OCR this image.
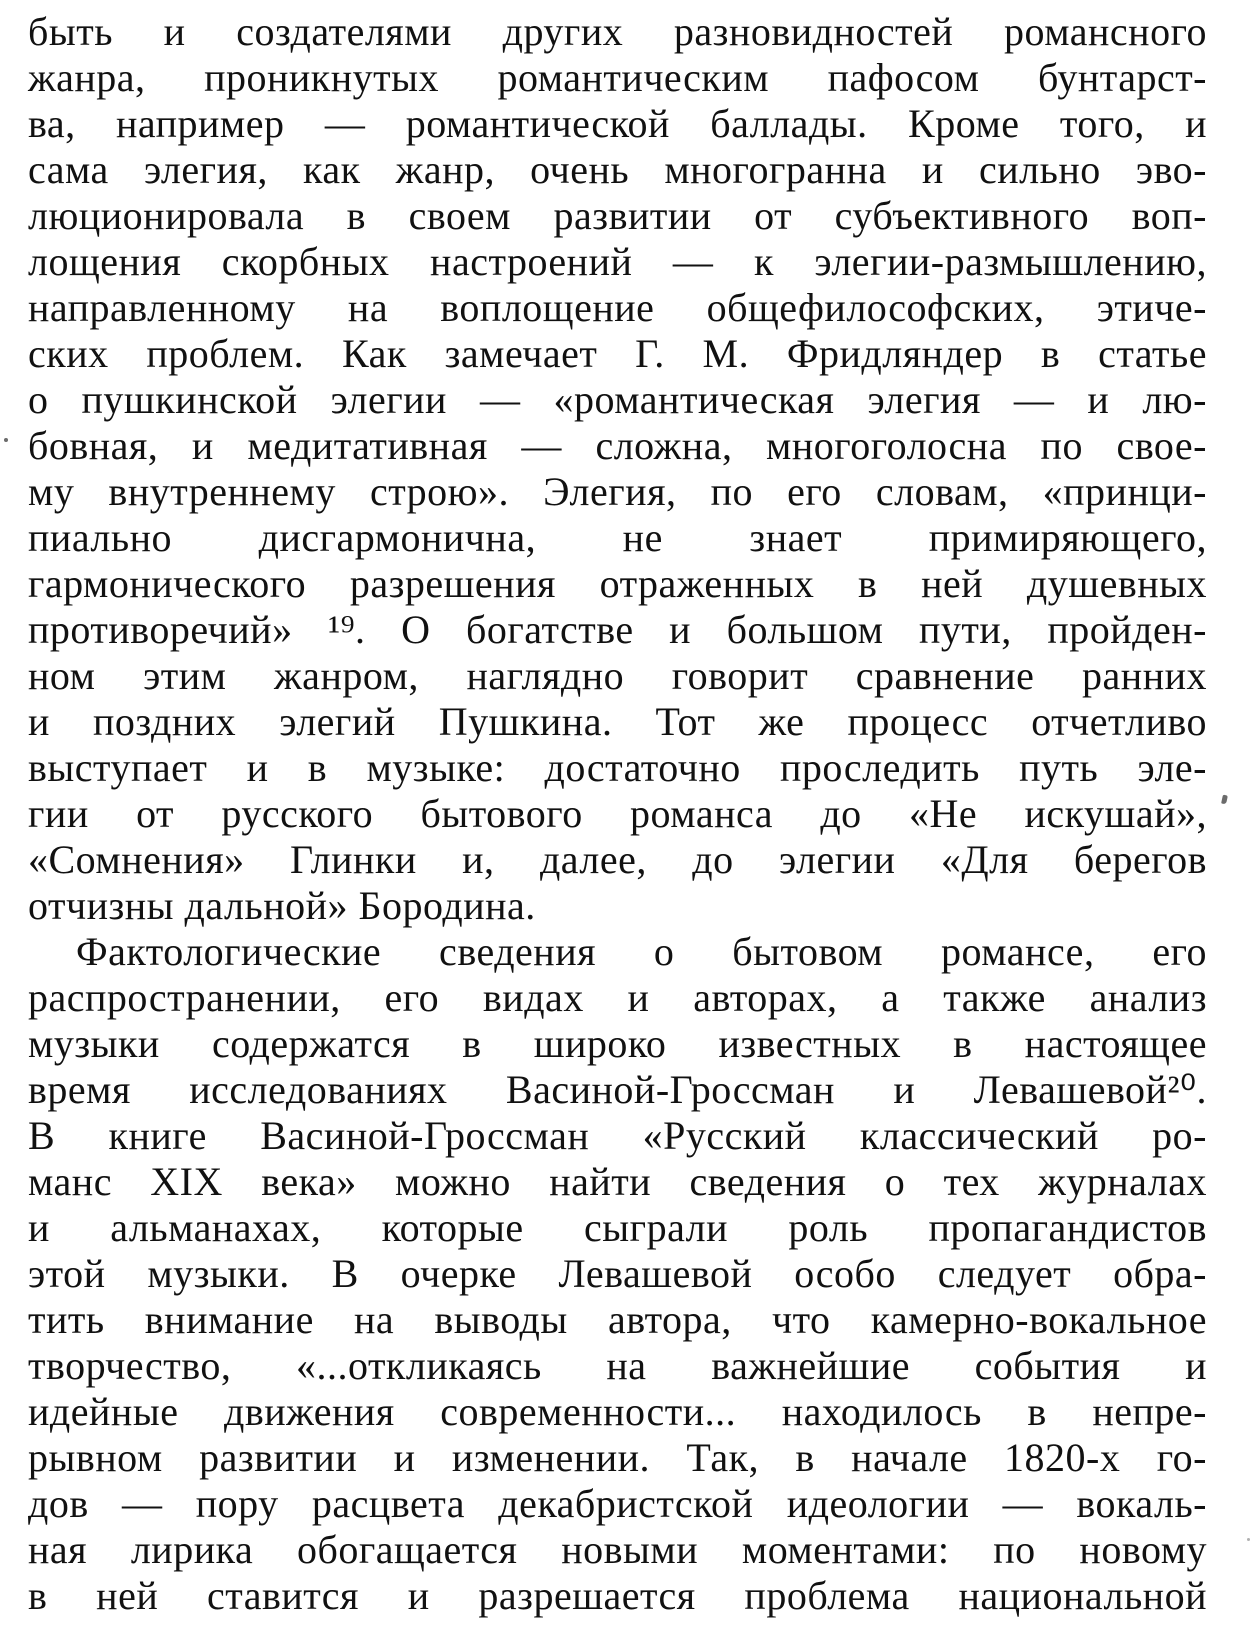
быть и создателями других разновидностей романсного
жанра, проникнутых романтическим пафосом бунтарст-
ва, например — романтической баллады. Кроме того, и
сама элегия, как жанр, очень многогранна и сильно эво-
люционировала в своем развитии от субъективного воп-
лощения скорбных настроений — к элегии-размышлению,
направленному на воплощение общефилософских, этиче-
ских проблем. Как замечает Г. М. Фридляндер в статье
о пушкинской элегии — «романтическая элегия — и лю-
бовная, и медитативная — сложна, многоголосна по свое-
му внутреннему строю». Элегия, по его словам, «принци-
пиально дисгармонична, не знает примиряющего,
гармонического разрешения отраженных в ней душевных
противоречий» ¹⁹. О богатстве и большом пути, пройден-
ном этим жанром, наглядно говорит сравнение ранних
и поздних элегий Пушкина. Тот же процесс отчетливо
выступает и в музыке: достаточно проследить путь эле-
гии от русского бытового романса до «Не искушай»,
«Сомнения» Глинки и, далее, до элегии «Для берегов
отчизны дальной» Бородина.
Фактологические сведения о бытовом романсе, его
распространении, его видах и авторах, а также анализ
музыки содержатся в широко известных в настоящее
время исследованиях Васиной-Гроссман и Левашевой²⁰.
В книге Васиной-Гроссман «Русский классический ро-
манс XIX века» можно найти сведения о тех журналах
и альманахах, которые сыграли роль пропагандистов
этой музыки. В очерке Левашевой особо следует обра-
тить внимание на выводы автора, что камерно-вокальное
творчество, «...откликаясь на важнейшие события и
идейные движения современности... находилось в непре-
рывном развитии и изменении. Так, в начале 1820-х го-
дов — пору расцвета декабристской идеологии — вокаль-
ная лирика обогащается новыми моментами: по новому
в ней ставится и разрешается проблема национальной
